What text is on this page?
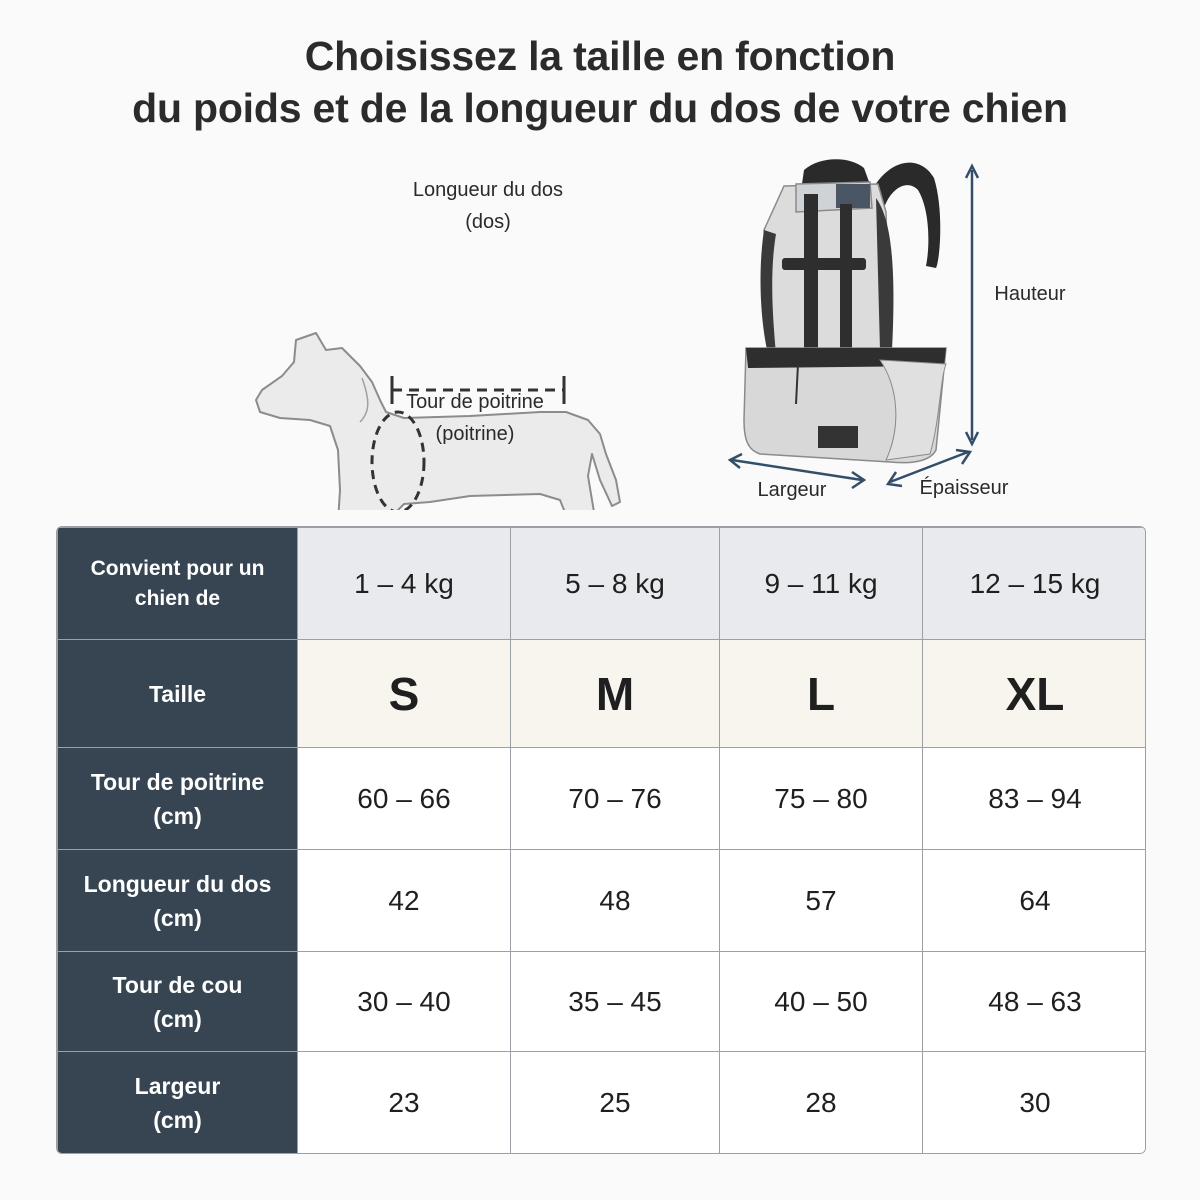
Choisissez la taille en fonction
du poids et de la longueur du dos de votre chien
Longueur du dos
(dos)
Tour de poitrine
(poitrine)
Hauteur
Largeur	Épaisseur
Convient pour un
chien de	1 – 4 kg	5 – 8 kg	9 – 11 kg	12 – 15 kg

Taille	S	M	L	XL

Tour de poitrine
(cm)	60 – 66	70 – 76	75 – 80	83 – 94

Longueur du dos
(cm)	42	48	57	64

Tour de cou
(cm)	30 – 40	35 – 45	40 – 50	48 – 63

Largeur
(cm)	23	25	28	30
